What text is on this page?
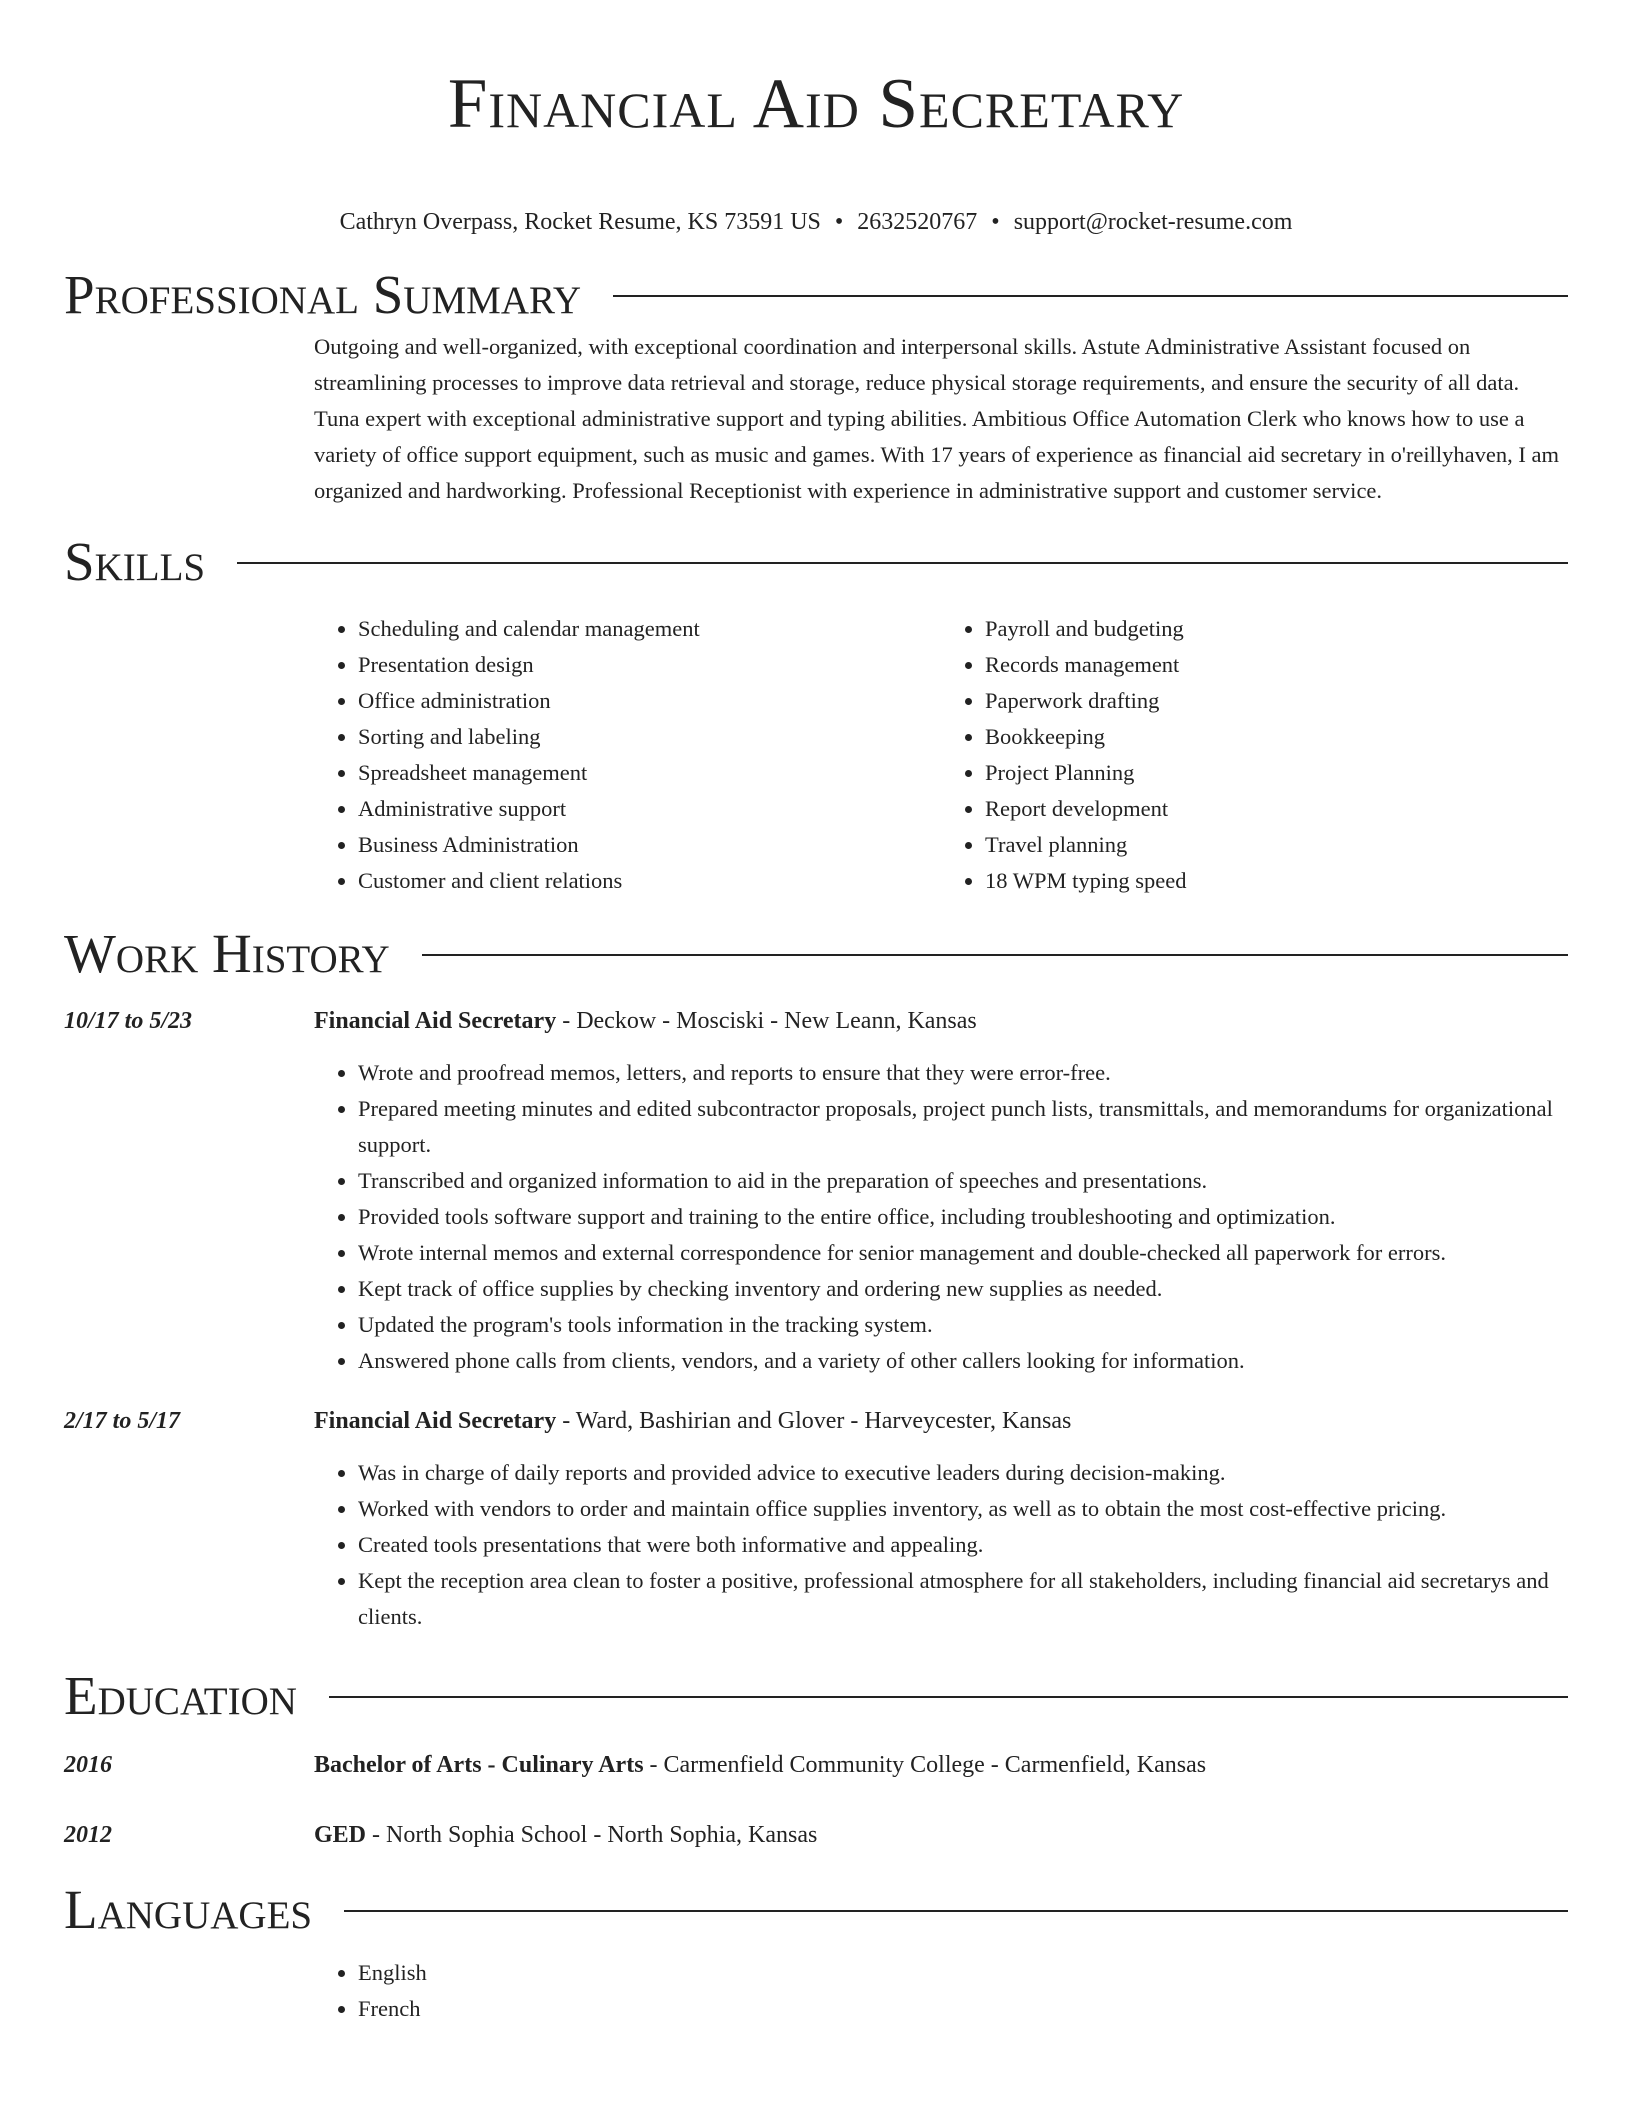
Financial Aid Secretary
Cathryn Overpass, Rocket Resume, KS 73591 US • 2632520767 • support@rocket-resume.com
Professional Summary
Outgoing and well-organized, with exceptional coordination and interpersonal skills. Astute Administrative Assistant focused on streamlining processes to improve data retrieval and storage, reduce physical storage requirements, and ensure the security of all data. Tuna expert with exceptional administrative support and typing abilities. Ambitious Office Automation Clerk who knows how to use a variety of office support equipment, such as music and games. With 17 years of experience as financial aid secretary in o'reillyhaven, I am organized and hardworking. Professional Receptionist with experience in administrative support and customer service.
Skills
• Scheduling and calendar management
• Presentation design
• Office administration
• Sorting and labeling
• Spreadsheet management
• Administrative support
• Business Administration
• Customer and client relations
• Payroll and budgeting
• Records management
• Paperwork drafting
• Bookkeeping
• Project Planning
• Report development
• Travel planning
• 18 WPM typing speed
Work History
10/17 to 5/23	Financial Aid Secretary - Deckow - Mosciski - New Leann, Kansas
• Wrote and proofread memos, letters, and reports to ensure that they were error-free.
• Prepared meeting minutes and edited subcontractor proposals, project punch lists, transmittals, and memorandums for organizational support.
• Transcribed and organized information to aid in the preparation of speeches and presentations.
• Provided tools software support and training to the entire office, including troubleshooting and optimization.
• Wrote internal memos and external correspondence for senior management and double-checked all paperwork for errors.
• Kept track of office supplies by checking inventory and ordering new supplies as needed.
• Updated the program's tools information in the tracking system.
• Answered phone calls from clients, vendors, and a variety of other callers looking for information.
2/17 to 5/17	Financial Aid Secretary - Ward, Bashirian and Glover - Harveycester, Kansas
• Was in charge of daily reports and provided advice to executive leaders during decision-making.
• Worked with vendors to order and maintain office supplies inventory, as well as to obtain the most cost-effective pricing.
• Created tools presentations that were both informative and appealing.
• Kept the reception area clean to foster a positive, professional atmosphere for all stakeholders, including financial aid secretarys and clients.
Education
2016	Bachelor of Arts - Culinary Arts - Carmenfield Community College - Carmenfield, Kansas
2012	GED - North Sophia School - North Sophia, Kansas
Languages
• English
• French
